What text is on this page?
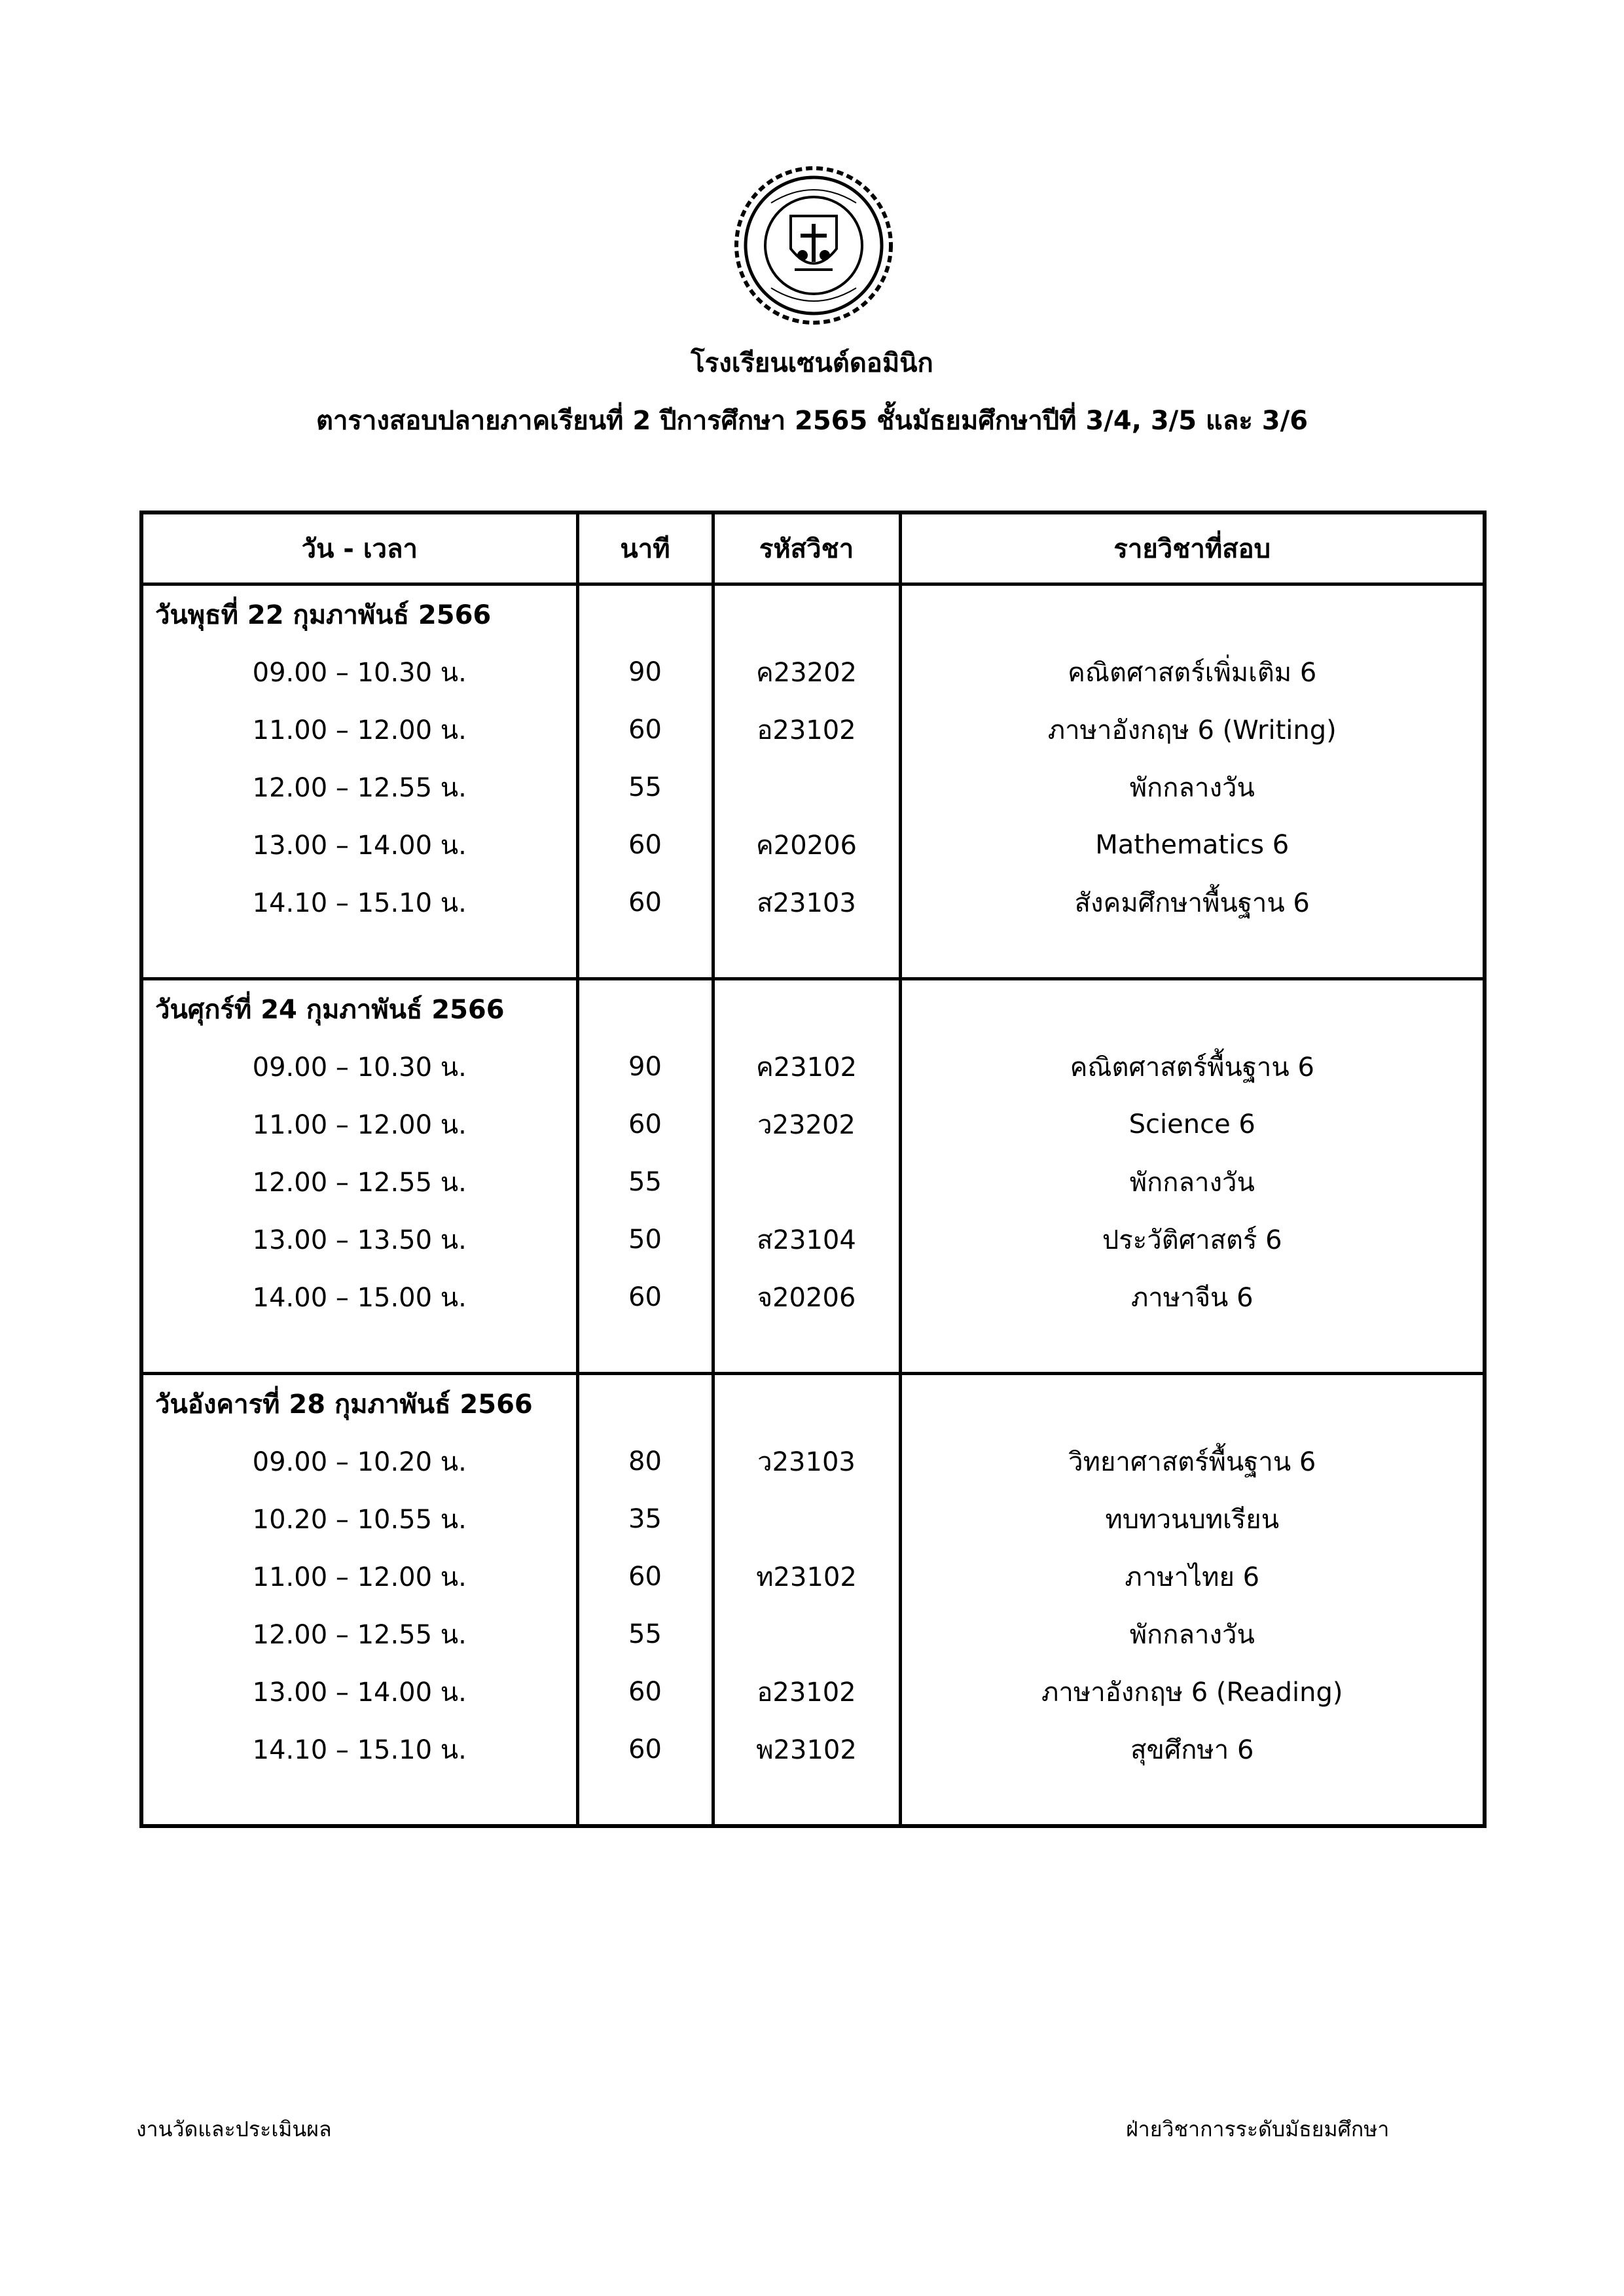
โรงเรียนเซนต์ดอมินิก
ตารางสอบปลายภาคเรียนที่ 2 ปีการศึกษา 2565 ชั้นมัธยมศึกษาปีที่ 3/4, 3/5 และ 3/6
วัน - เวลา	นาที	รหัสวิชา	รายวิชาที่สอบ
วันพุธที่ 22 กุมภาพันธ์ 2566			
09.00 – 10.30 น.	90	ค23202	คณิตศาสตร์เพิ่มเติม 6
11.00 – 12.00 น.	60	อ23102	ภาษาอังกฤษ 6 (Writing)
12.00 – 12.55 น.	55		พักกลางวัน
13.00 – 14.00 น.	60	ค20206	Mathematics 6
14.10 – 15.10 น.	60	ส23103	สังคมศึกษาพื้นฐาน 6

วันศุกร์ที่ 24 กุมภาพันธ์ 2566			
09.00 – 10.30 น.	90	ค23102	คณิตศาสตร์พื้นฐาน 6
11.00 – 12.00 น.	60	ว23202	Science 6
12.00 – 12.55 น.	55		พักกลางวัน
13.00 – 13.50 น.	50	ส23104	ประวัติศาสตร์ 6
14.00 – 15.00 น.	60	จ20206	ภาษาจีน 6

วันอังคารที่ 28 กุมภาพันธ์ 2566			
09.00 – 10.20 น.	80	ว23103	วิทยาศาสตร์พื้นฐาน 6
10.20 – 10.55 น.	35		ทบทวนบทเรียน
11.00 – 12.00 น.	60	ท23102	ภาษาไทย 6
12.00 – 12.55 น.	55		พักกลางวัน
13.00 – 14.00 น.	60	อ23102	ภาษาอังกฤษ 6 (Reading)
14.10 – 15.10 น.	60	พ23102	สุขศึกษา 6

งานวัดและประเมินผล	ฝ่ายวิชาการระดับมัธยมศึกษา
